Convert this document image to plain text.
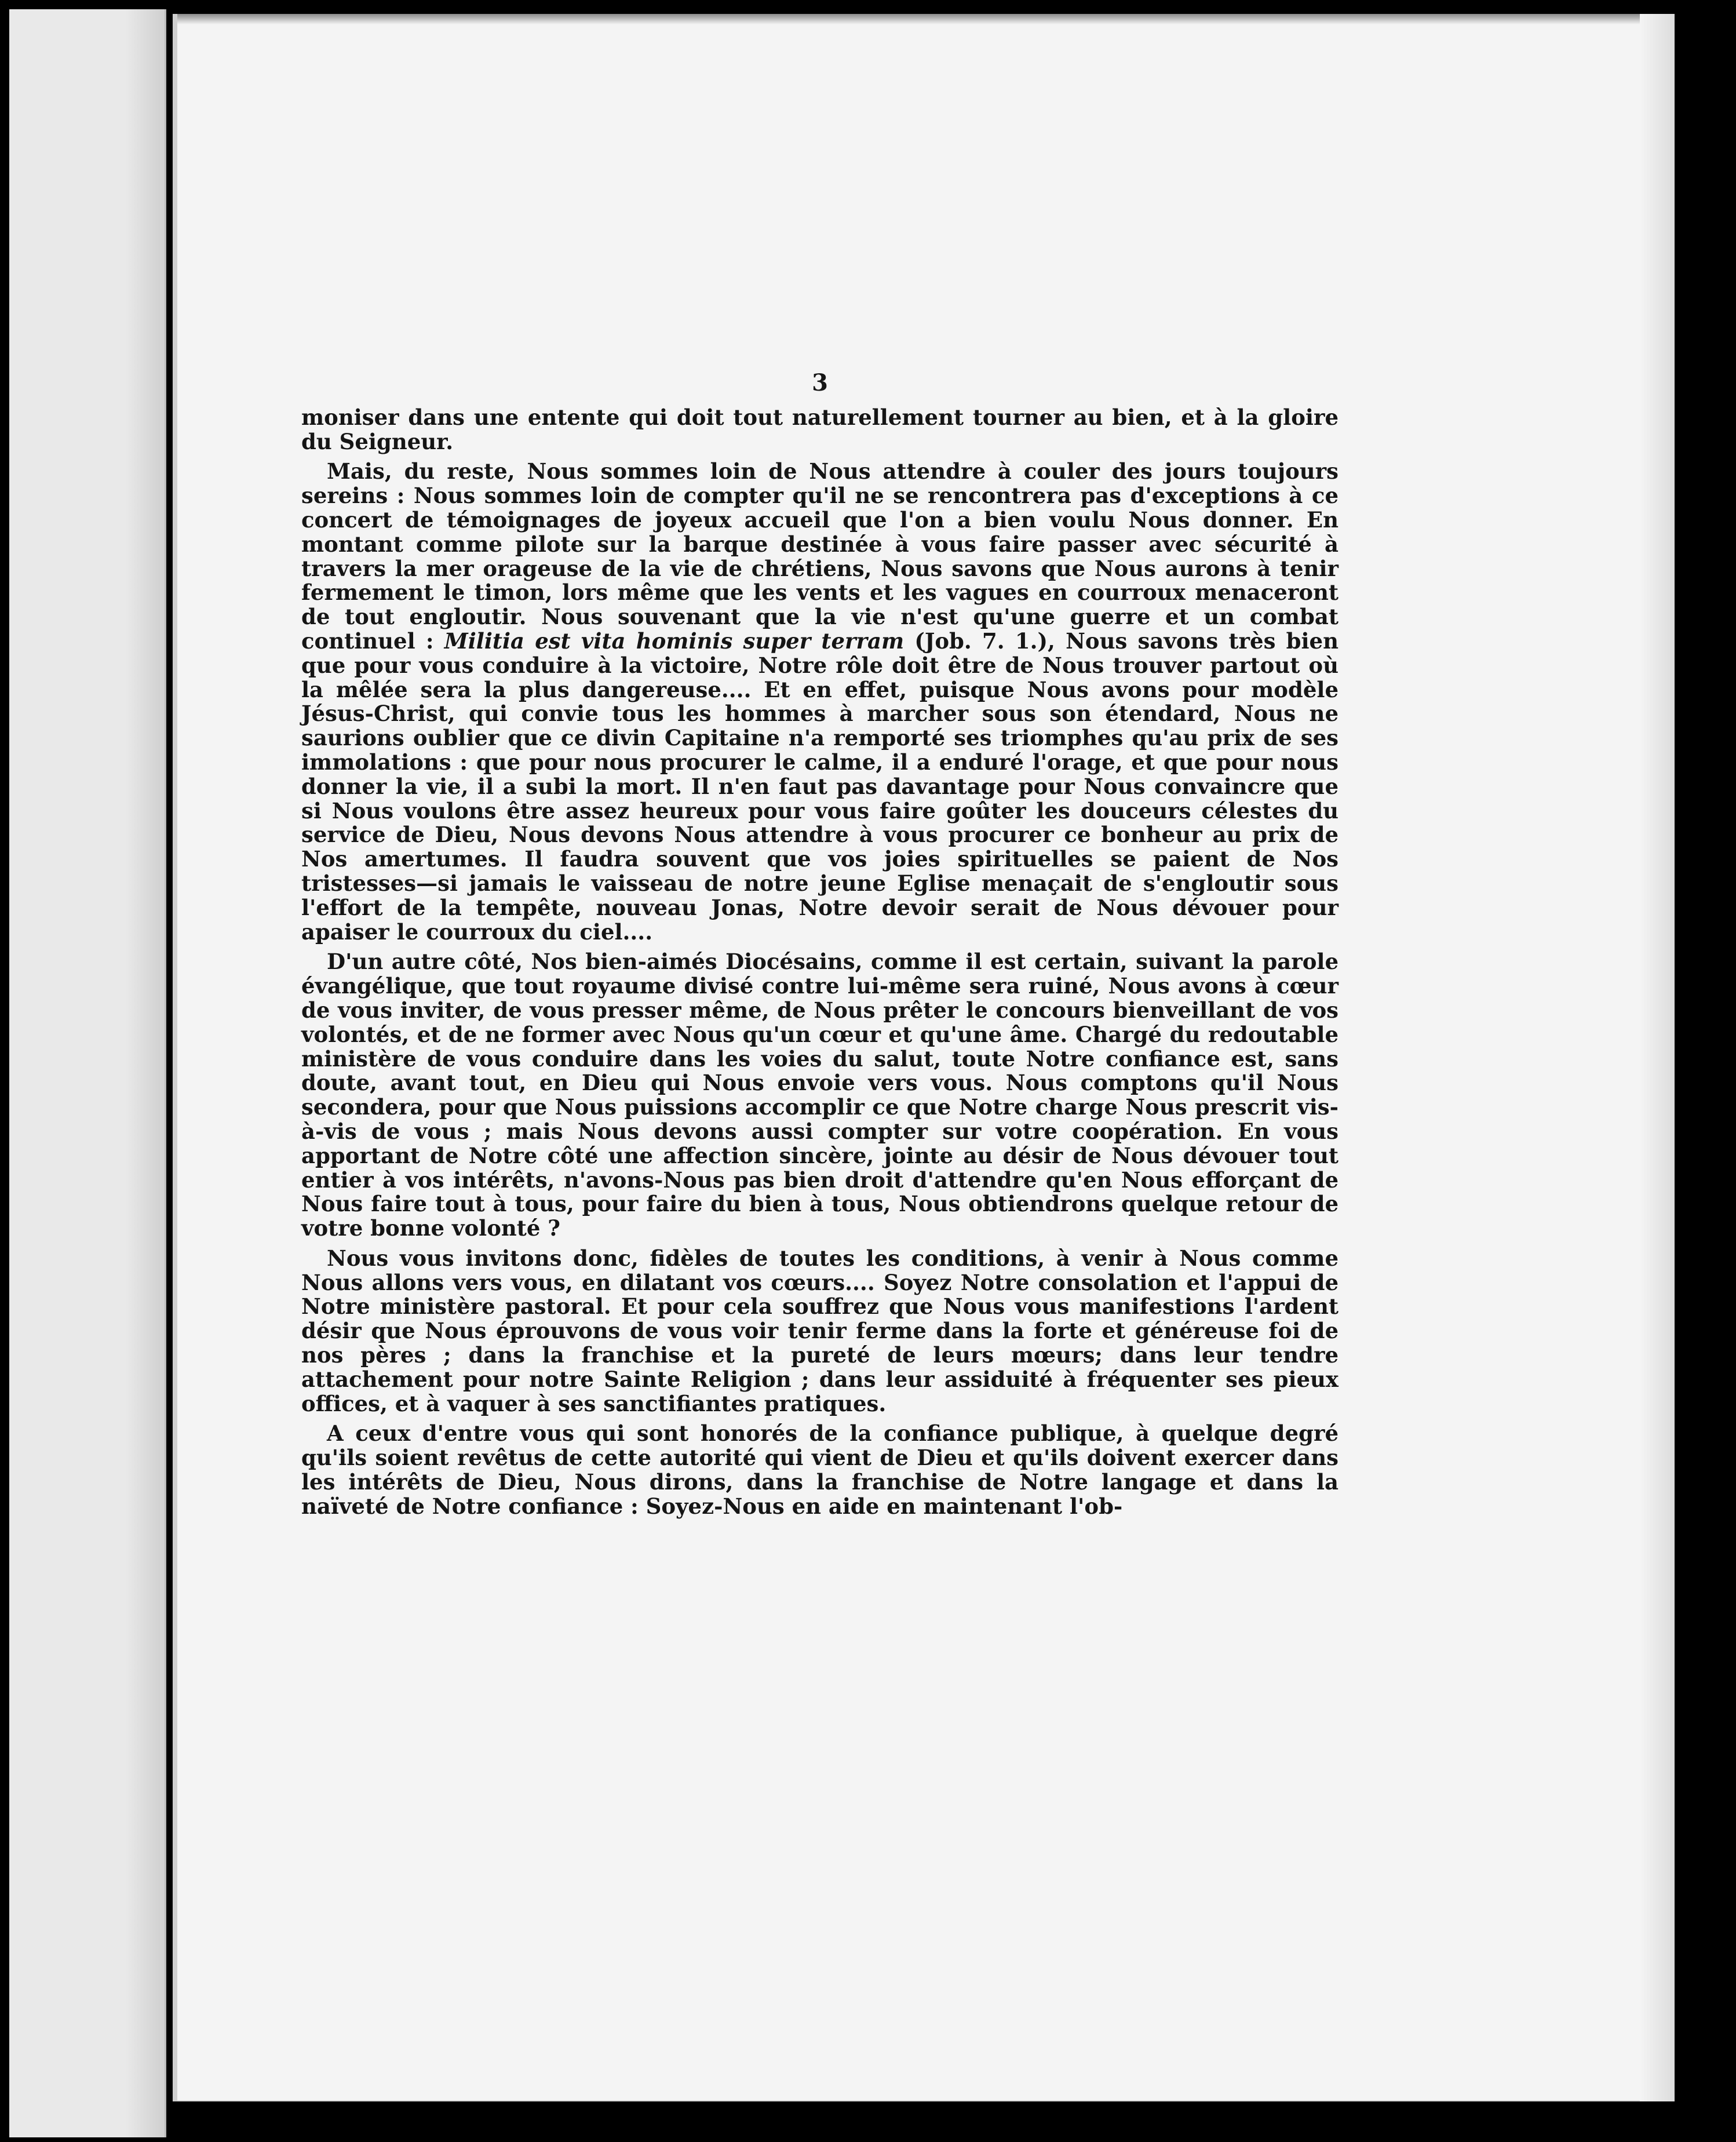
3

moniser dans une entente qui doit tout naturellement tourner au bien, et à la gloire du Seigneur.

Mais, du reste, Nous sommes loin de Nous attendre à couler des jours toujours sereins : Nous sommes loin de compter qu'il ne se rencontrera pas d'exceptions à ce concert de témoignages de joyeux accueil que l'on a bien voulu Nous donner. En montant comme pilote sur la barque destinée à vous faire passer avec sécurité à travers la mer orageuse de la vie de chrétiens, Nous savons que Nous aurons à tenir fermement le timon, lors même que les vents et les vagues en courroux menaceront de tout engloutir. Nous souvenant que la vie n'est qu'une guerre et un combat continuel : Militia est vita hominis super terram (Job. 7. 1.), Nous savons très bien que pour vous conduire à la victoire, Notre rôle doit être de Nous trouver partout où la mêlée sera la plus dangereuse.... Et en effet, puisque Nous avons pour modèle Jésus-Christ, qui convie tous les hommes à marcher sous son étendard, Nous ne saurions oublier que ce divin Capitaine n'a remporté ses triomphes qu'au prix de ses immolations : que pour nous procurer le calme, il a enduré l'orage, et que pour nous donner la vie, il a subi la mort. Il n'en faut pas davantage pour Nous convaincre que si Nous voulons être assez heureux pour vous faire goûter les douceurs célestes du service de Dieu, Nous devons Nous attendre à vous procurer ce bonheur au prix de Nos amertumes. Il faudra souvent que vos joies spirituelles se paient de Nos tristesses—si jamais le vaisseau de notre jeune Eglise menaçait de s'engloutir sous l'effort de la tempête, nouveau Jonas, Notre devoir serait de Nous dévouer pour apaiser le courroux du ciel....

D'un autre côté, Nos bien-aimés Diocésains, comme il est certain, suivant la parole évangélique, que tout royaume divisé contre lui-même sera ruiné, Nous avons à cœur de vous inviter, de vous presser même, de Nous prêter le concours bienveillant de vos volontés, et de ne former avec Nous qu'un cœur et qu'une âme. Chargé du redoutable ministère de vous conduire dans les voies du salut, toute Notre confiance est, sans doute, avant tout, en Dieu qui Nous envoie vers vous. Nous comptons qu'il Nous secondera, pour que Nous puissions accomplir ce que Notre charge Nous prescrit vis-à-vis de vous ; mais Nous devons aussi compter sur votre coopération. En vous apportant de Notre côté une affection sincère, jointe au désir de Nous dévouer tout entier à vos intérêts, n'avons-Nous pas bien droit d'attendre qu'en Nous efforçant de Nous faire tout à tous, pour faire du bien à tous, Nous obtiendrons quelque retour de votre bonne volonté ?

Nous vous invitons donc, fidèles de toutes les conditions, à venir à Nous comme Nous allons vers vous, en dilatant vos cœurs.... Soyez Notre consolation et l'appui de Notre ministère pastoral. Et pour cela souffrez que Nous vous manifestions l'ardent désir que Nous éprouvons de vous voir tenir ferme dans la forte et généreuse foi de nos pères ; dans la franchise et la pureté de leurs mœurs; dans leur tendre attachement pour notre Sainte Religion ; dans leur assiduité à fréquenter ses pieux offices, et à vaquer à ses sanctifiantes pratiques.

A ceux d'entre vous qui sont honorés de la confiance publique, à quelque degré qu'ils soient revêtus de cette autorité qui vient de Dieu et qu'ils doivent exercer dans les intérêts de Dieu, Nous dirons, dans la franchise de Notre langage et dans la naïveté de Notre confiance : Soyez-Nous en aide en maintenant l'ob-
